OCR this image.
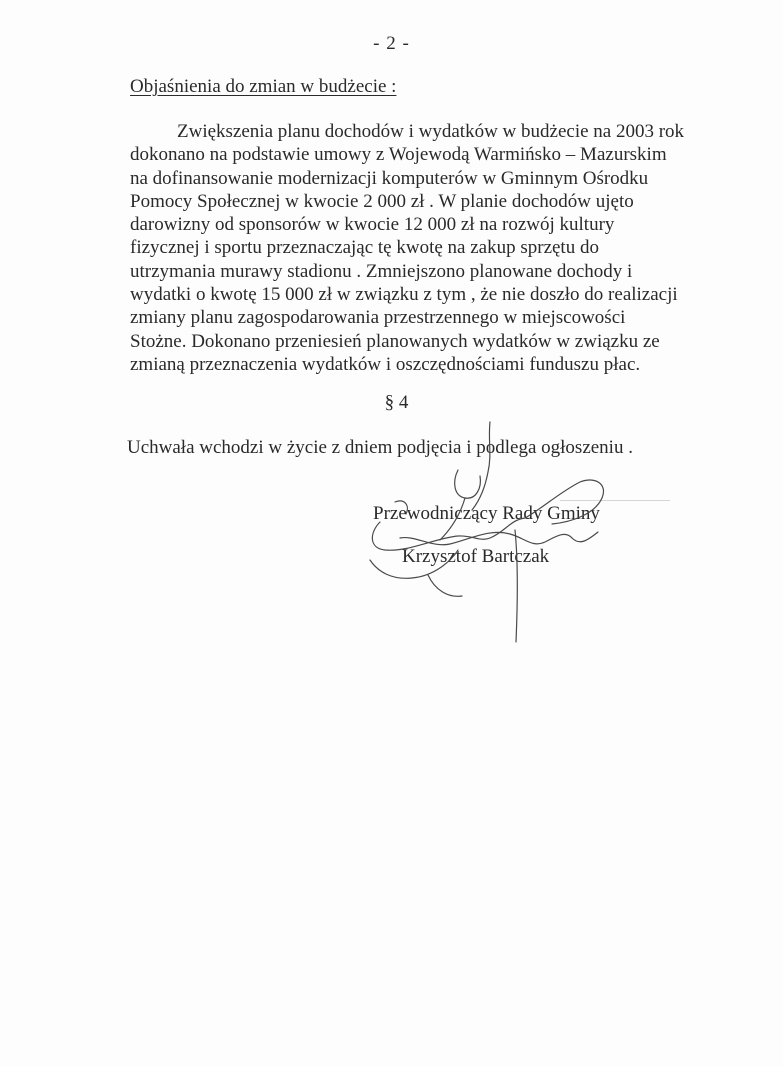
- 2 -
Objaśnienia do zmian w budżecie :

Zwiększenia planu dochodów i wydatków w budżecie na 2003 rok
dokonano na podstawie umowy z Wojewodą Warmińsko – Mazurskim
na dofinansowanie modernizacji komputerów w Gminnym Ośrodku
Pomocy Społecznej w kwocie 2 000 zł . W planie dochodów ujęto
darowizny od sponsorów w kwocie 12 000 zł na rozwój kultury
fizycznej i sportu przeznaczając tę kwotę na zakup sprzętu do
utrzymania murawy stadionu . Zmniejszono planowane dochody i
wydatki o kwotę 15 000 zł w związku z tym , że nie doszło do realizacji
zmiany planu zagospodarowania przestrzennego w miejscowości
Stożne. Dokonano przeniesień planowanych wydatków w związku ze
zmianą przeznaczenia wydatków i oszczędnościami funduszu płac.

§ 4
Uchwała wchodzi w życie z dniem podjęcia i podlega ogłoszeniu .
Przewodniczący Rady Gminy
Krzysztof Bartczak
